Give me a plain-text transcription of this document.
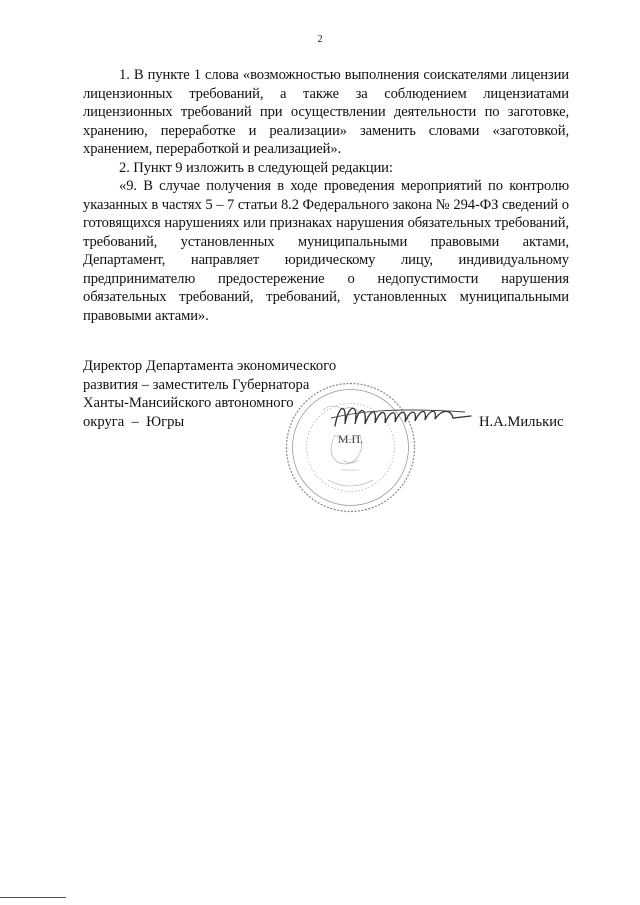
2

1. В пункте 1 слова «возможностью выполнения соискателями лицензии лицензионных требований, а также за соблюдением лицензиатами лицензионных требований при осуществлении деятельности по заготовке, хранению, переработке и реализации» заменить словами «заготовкой, хранением, переработкой и реализацией».

2. Пункт 9 изложить в следующей редакции:

«9. В случае получения в ходе проведения мероприятий по контролю указанных в частях 5 – 7 статьи 8.2 Федерального закона № 294-ФЗ сведений о готовящихся нарушениях или признаках нарушения обязательных требований, требований, установленных муниципальными правовыми актами, Департамент, направляет юридическому лицу, индивидуальному предпринимателю предостережение о недопустимости нарушения обязательных требований, требований, установленных муниципальными правовыми актами».

Директор Департамента экономического
развития – заместитель Губернатора
Ханты-Мансийского автономного
округа  –  Югры
М.П.
Н.А.Милькис
